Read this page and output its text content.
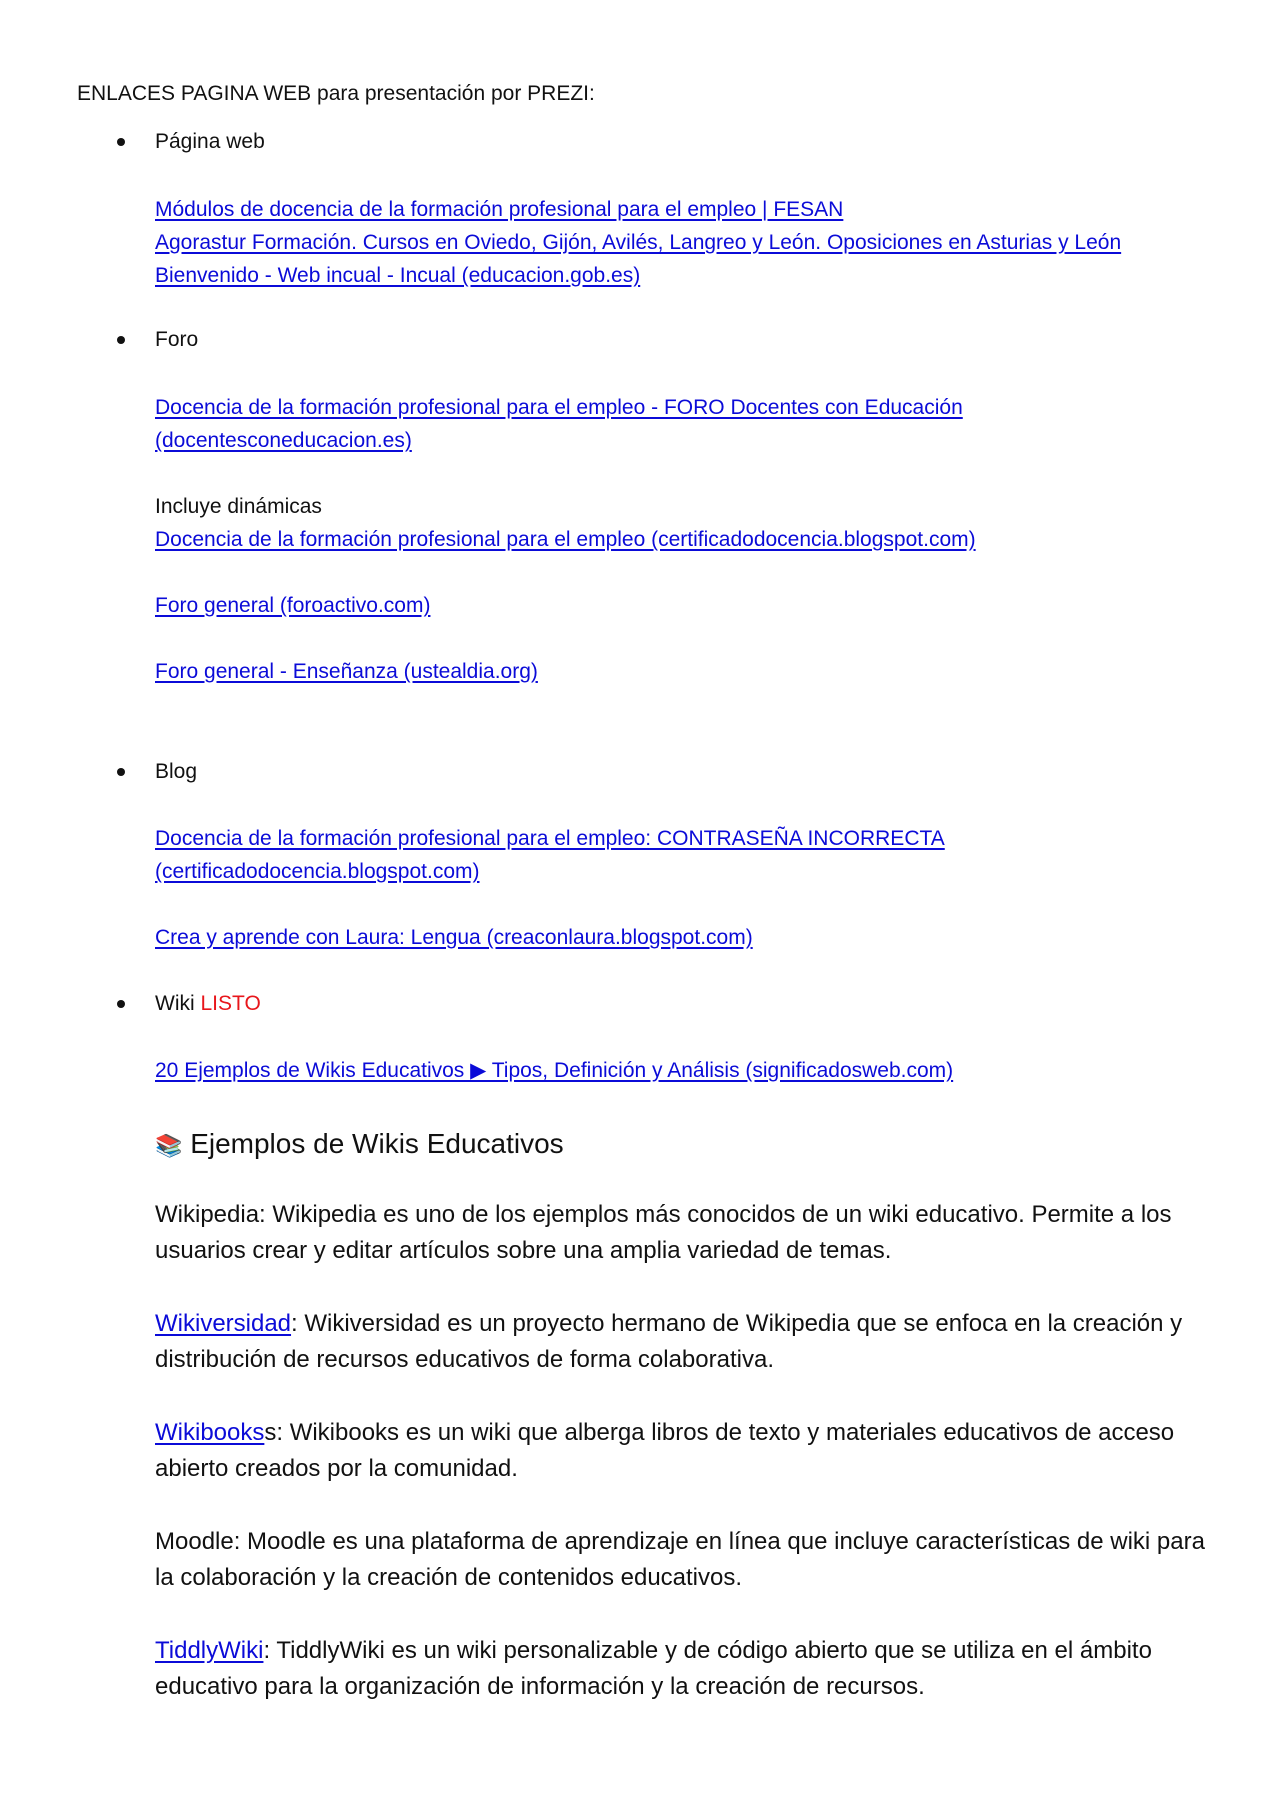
ENLACES PAGINA WEB para presentación por PREZI:
Página web
Módulos de docencia de la formación profesional para el empleo | FESAN
Agorastur Formación. Cursos en Oviedo, Gijón, Avilés, Langreo y León. Oposiciones en Asturias y León
Bienvenido - Web incual - Incual (educacion.gob.es)
Foro
Docencia de la formación profesional para el empleo - FORO Docentes con Educación
(docentesconeducacion.es)
Incluye dinámicas
Docencia de la formación profesional para el empleo (certificadodocencia.blogspot.com)
Foro general (foroactivo.com)
Foro general - Enseñanza (ustealdia.org)
Blog
Docencia de la formación profesional para el empleo: CONTRASEÑA INCORRECTA
(certificadodocencia.blogspot.com)
Crea y aprende con Laura: Lengua (creaconlaura.blogspot.com)
Wiki LISTO
20 Ejemplos de Wikis Educativos ▶ Tipos, Definición y Análisis (significadosweb.com)
📚 Ejemplos de Wikis Educativos
Wikipedia: Wikipedia es uno de los ejemplos más conocidos de un wiki educativo. Permite a los
usuarios crear y editar artículos sobre una amplia variedad de temas.
Wikiversidad: Wikiversidad es un proyecto hermano de Wikipedia que se enfoca en la creación y
distribución de recursos educativos de forma colaborativa.
Wikibookss: Wikibooks es un wiki que alberga libros de texto y materiales educativos de acceso
abierto creados por la comunidad.
Moodle: Moodle es una plataforma de aprendizaje en línea que incluye características de wiki para
la colaboración y la creación de contenidos educativos.
TiddlyWiki: TiddlyWiki es un wiki personalizable y de código abierto que se utiliza en el ámbito
educativo para la organización de información y la creación de recursos.
